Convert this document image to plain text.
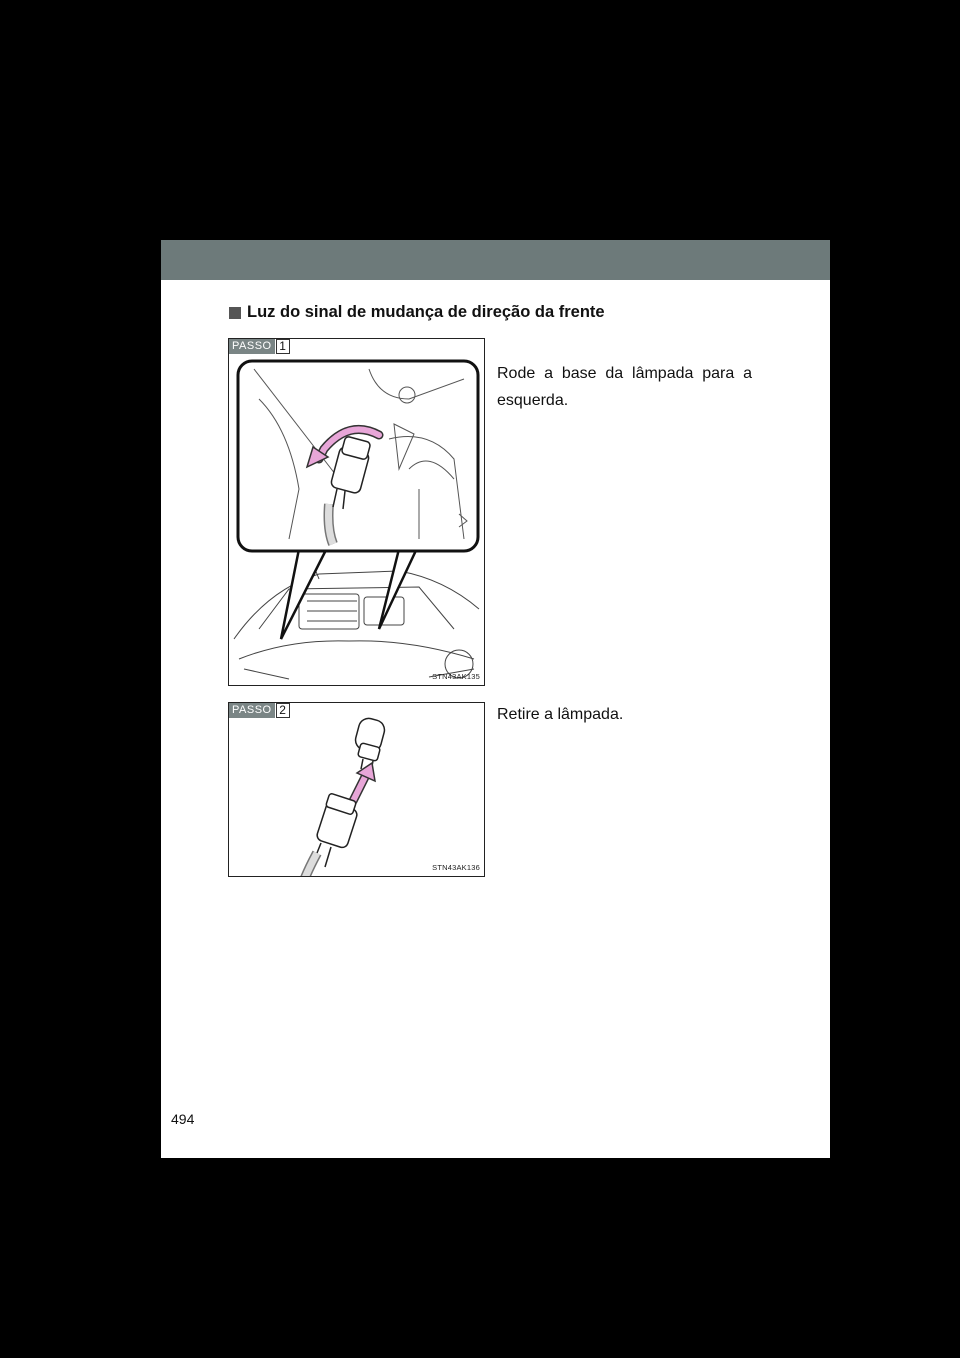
Luz do sinal de mudança de direção da frente
PASSO 1
STN43AK135
Rode a base da lâmpada para a esquerda.
PASSO 2
STN43AK136
Retire a lâmpada.
494
